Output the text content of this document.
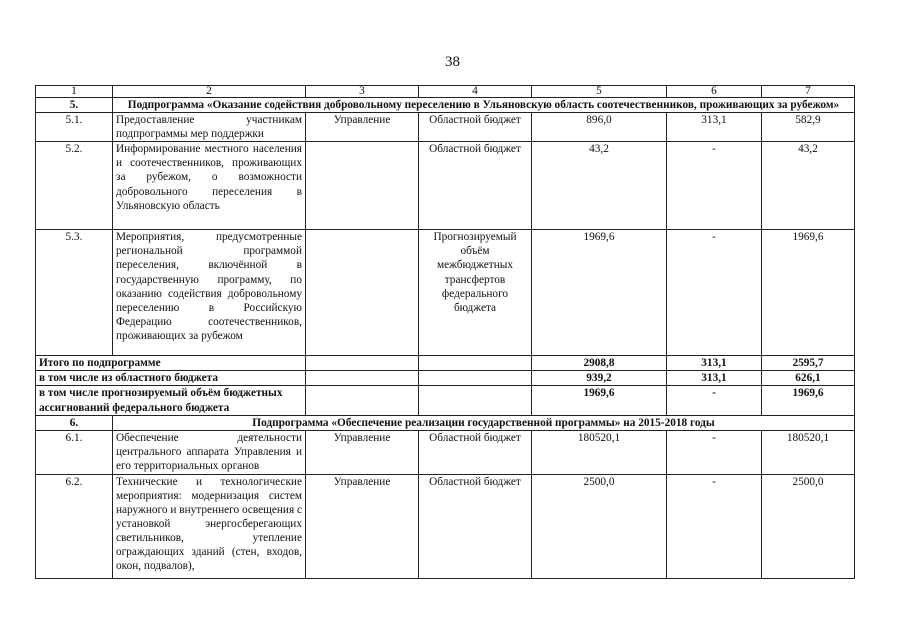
38
1	2	3	4	5	6	7
5.	Подпрограмма «Оказание содействия добровольному переселению в Ульяновскую область соотечественников, проживающих за рубежом»					
5.1.	Предоставление участникам подпрограммы мер поддержки	Управление	Областной бюджет	896,0	313,1	582,9
5.2.	Информирование местного населения и соотечественников, проживающих за рубежом, о возможности добровольного переселения в Ульяновскую область		Областной бюджет	43,2	-	43,2
5.3.	Мероприятия, предусмотренные региональной программой переселения, включённой в государственную программу, по оказанию содействия добровольному переселению в Российскую Федерацию соотечественников, проживающих за рубежом		Прогнозируемый объём межбюджетных трансфертов федерального бюджета	1969,6	-	1969,6
Итого по подпрограмме				2908,8	313,1	2595,7
в том числе из областного бюджета				939,2	313,1	626,1
в том числе прогнозируемый объём бюджетных ассигнований федерального бюджета				1969,6	-	1969,6
6.	Подпрограмма «Обеспечение реализации государственной программы» на 2015-2018 годы					
6.1.	Обеспечение деятельности центрального аппарата Управления и его территориальных органов	Управление	Областной бюджет	180520,1	-	180520,1
6.2.	Технические и технологические мероприятия: модернизация систем наружного и внутреннего освещения с установкой энергосберегающих светильников, утепление ограждающих зданий (стен, входов, окон, подвалов),	Управление	Областной бюджет	2500,0	-	2500,0
